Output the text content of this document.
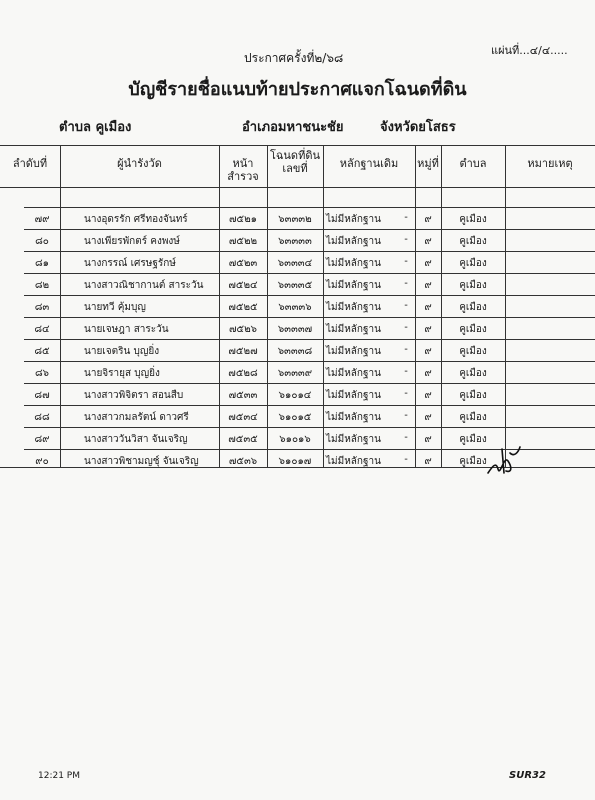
ประกาศครั้งที่๒/๖๘
แผ่นที่...๔/๔.....
บัญชีรายชื่อแนบท้ายประกาศแจกโฉนดที่ดิน
ตำบล คูเมือง	อำเภอมหาชนะชัย	จังหวัดยโสธร
ลำดับที่	ผู้นำรังวัด	หน้าสำรวจ
โฉนดที่ดิน เลขที่	หลักฐานเดิม	หมู่ที่	ตำบล	หมายเหตุ
๗๙	นางอุดรรัก ศรีทองจันทร์	๗๕๒๑	๖๓๓๓๒	ไม่มีหลักฐาน	-	๙	คูเมือง
๘๐	นางเพียรพักตร์ คงพงษ์	๗๕๒๒	๖๓๓๓๓	ไม่มีหลักฐาน	-	๙	คูเมือง
๘๑	นางกรรณ์ เศรษฐรักษ์	๗๕๒๓	๖๓๓๓๔	ไม่มีหลักฐาน	-	๙	คูเมือง
๘๒	นางสาวณิชากานต์ สาระวัน	๗๕๒๔	๖๓๓๓๕	ไม่มีหลักฐาน	-	๙	คูเมือง
๘๓	นายทวี คุ้มบุญ	๗๕๒๕	๖๓๓๓๖	ไม่มีหลักฐาน	-	๙	คูเมือง
๘๔	นายเจษฎา สาระวัน	๗๕๒๖	๖๓๓๓๗	ไม่มีหลักฐาน	-	๙	คูเมือง
๘๕	นายเจตริน บุญยิ่ง	๗๕๒๗	๖๓๓๓๘	ไม่มีหลักฐาน	-	๙	คูเมือง
๘๖	นายจิรายุส บุญยิ่ง	๗๕๒๘	๖๓๓๓๙	ไม่มีหลักฐาน	-	๙	คูเมือง
๘๗	นางสาวพิจิตรา สอนสืบ	๗๕๓๓	๖๑๐๑๔	ไม่มีหลักฐาน	-	๙	คูเมือง
๘๘	นางสาวกมลรัตน์ ดาวศรี	๗๕๓๔	๖๑๐๑๕	ไม่มีหลักฐาน	-	๙	คูเมือง
๘๙	นางสาววันวิสา จันเจริญ	๗๕๓๕	๖๑๐๑๖	ไม่มีหลักฐาน	-	๙	คูเมือง
๙๐	นางสาวพิชามญชุ์ จันเจริญ	๗๕๓๖	๖๑๐๑๗	ไม่มีหลักฐาน	-	๙	คูเมือง
12:21 PM	SUR32
